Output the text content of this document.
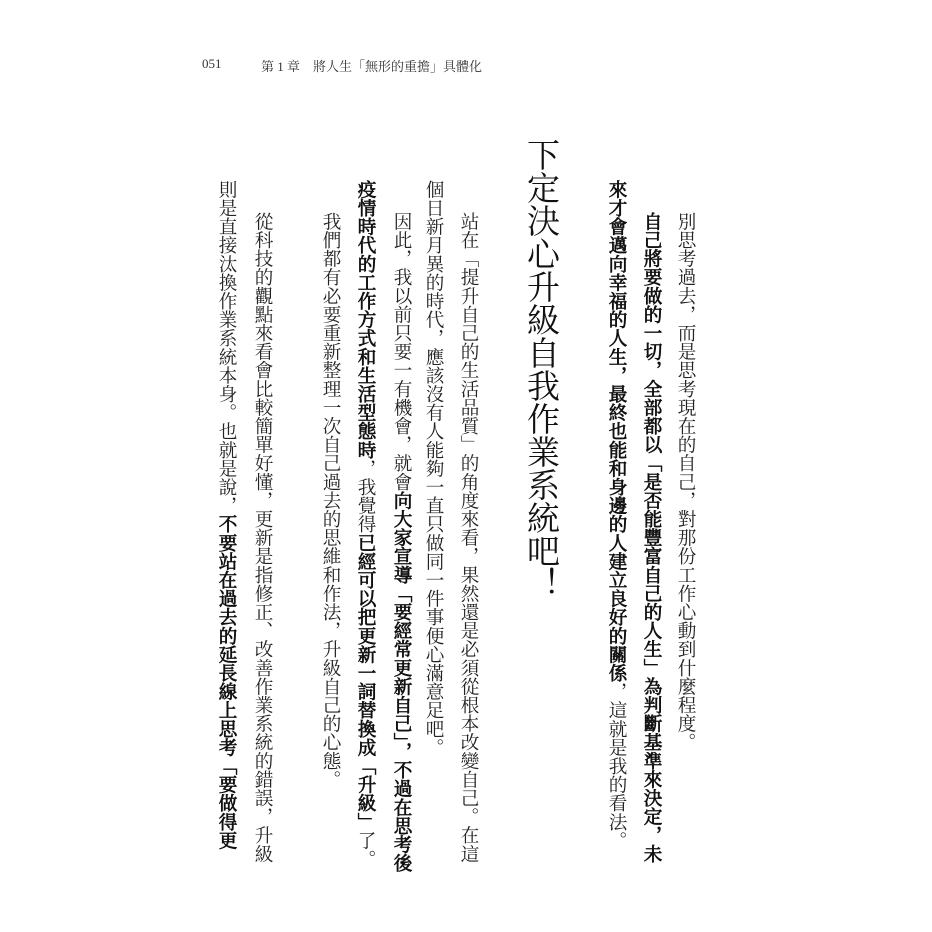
051	第 1 章　將人生「無形的重擔」具體化
下定決心升級自我作業系統吧！	別思考過去，而是思考現在的自己，對那份工作心動到什麼程度。
自己將要做的一切，全部都以「是否能豐富自己的人生」為判斷基準來決定，未
來才會邁向幸福的人生，最終也能和身邊的人建立良好的關係，這就是我的看法。
站在「提升自己的生活品質」的角度來看，果然還是必須從根本改變自己。在這
個日新月異的時代，應該沒有人能夠一直只做同一件事便心滿意足吧。
因此，我以前只要一有機會，就會向大家宣導「要經常更新自己」，不過在思考後
疫情時代的工作方式和生活型態時，我覺得已經可以把更新一詞替換成「升級」了。
我們都有必要重新整理一次自己過去的思維和作法，升級自己的心態。
從科技的觀點來看會比較簡單好懂，更新是指修正、改善作業系統的錯誤，升級
則是直接汰換作業系統本身。也就是說，不要站在過去的延長線上思考「要做得更
